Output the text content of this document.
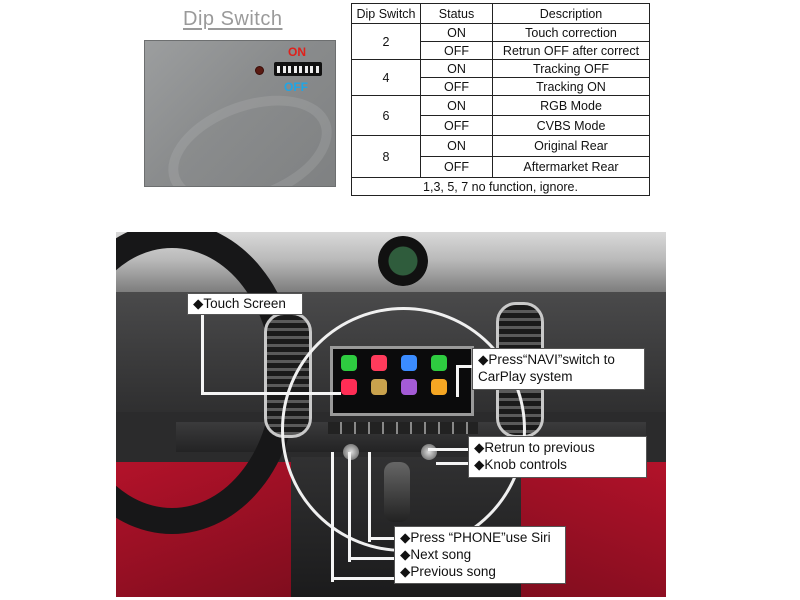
Dip Switch
ON
OFF
Dip Switch	Status	Description
2	ON	Touch correction
	OFF	Retrun OFF after correct
4	ON	Tracking OFF
	OFF	Tracking ON
6	ON	RGB Mode
	OFF	CVBS Mode
8	ON	Original Rear
	OFF	Aftermarket Rear
1,3, 5, 7 no function, ignore.		
◆Touch Screen
◆Press“NAVI”switch to
CarPlay system
◆Retrun to previous
◆Knob controls
◆Press “PHONE”use Siri
◆Next song
◆Previous song
